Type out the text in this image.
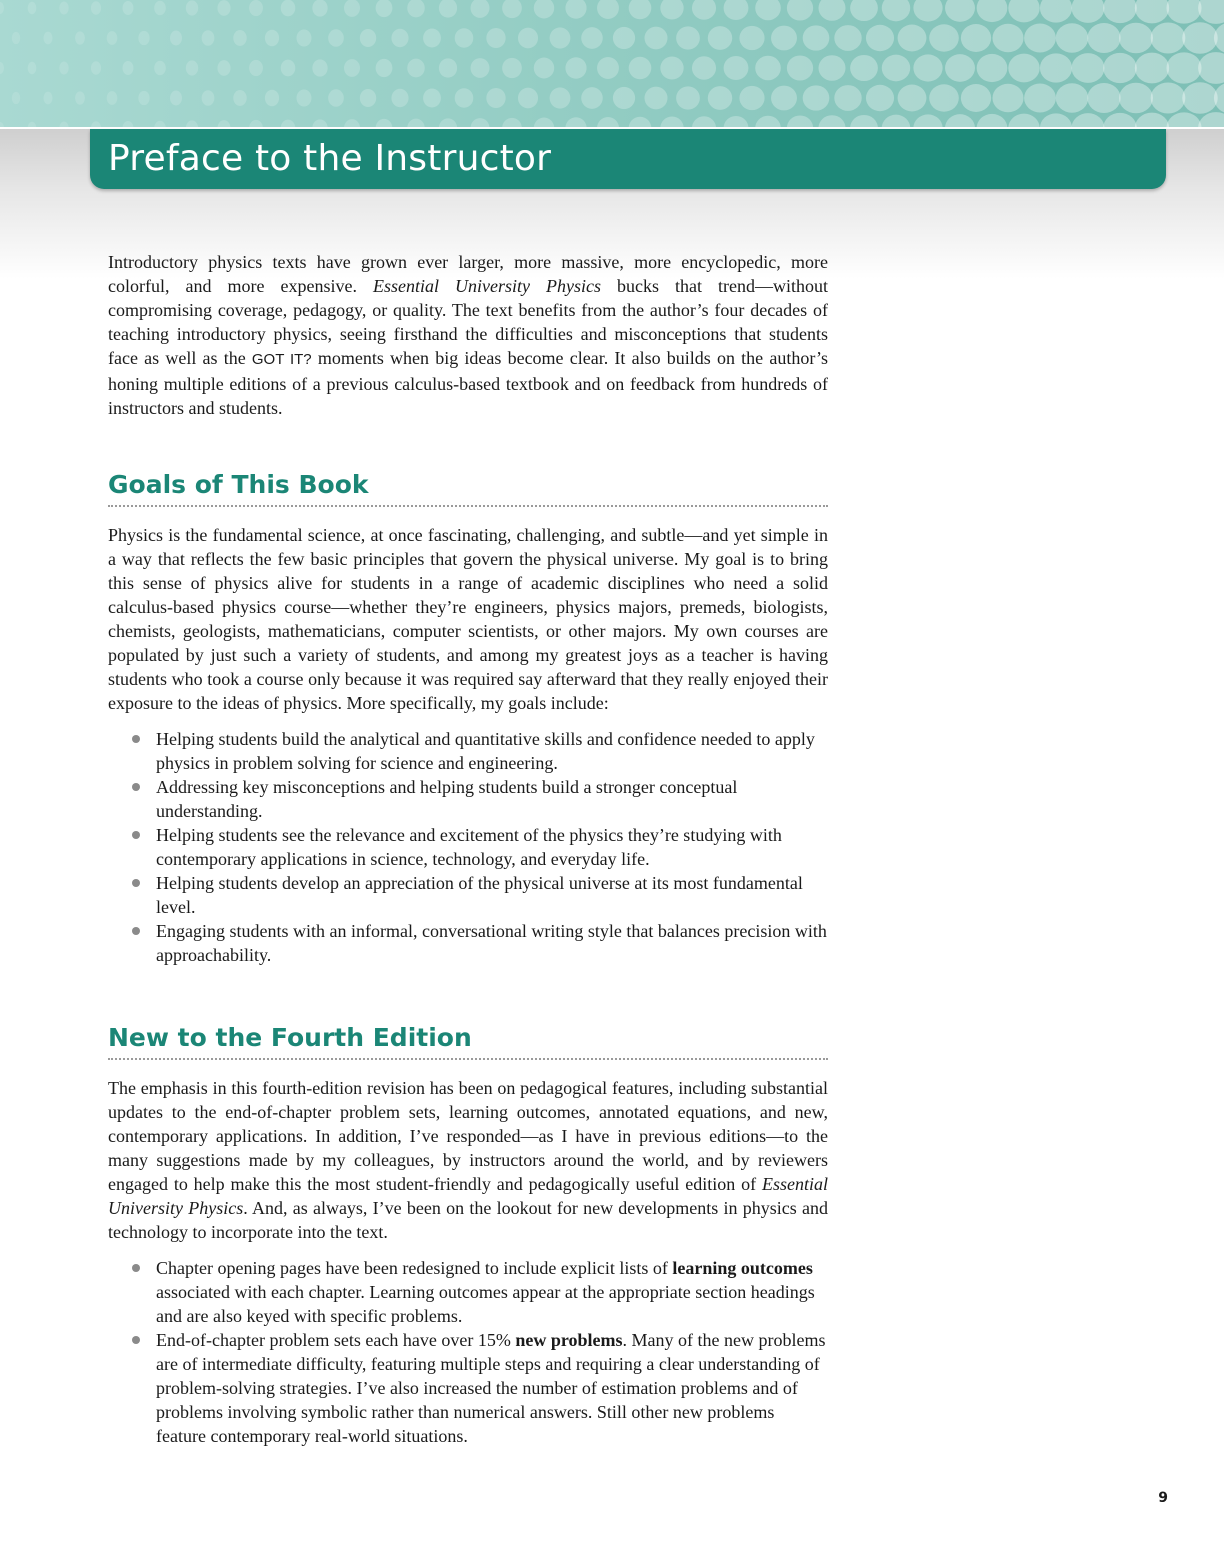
Preface to the Instructor

Introductory physics texts have grown ever larger, more massive, more encyclopedic, more colorful, and more expensive. Essential University Physics bucks that trend—without compromising coverage, pedagogy, or quality. The text benefits from the author’s four decades of teaching introductory physics, seeing firsthand the difficulties and misconceptions that students face as well as the GOT IT? moments when big ideas become clear. It also builds on the author’s honing multiple editions of a previous calculus-based textbook and on feedback from hundreds of instructors and students.

Goals of This Book

Physics is the fundamental science, at once fascinating, challenging, and subtle—and yet simple in a way that reflects the few basic principles that govern the physical universe. My goal is to bring this sense of physics alive for students in a range of academic disciplines who need a solid calculus-based physics course—whether they’re engineers, physics majors, premeds, biologists, chemists, geologists, mathematicians, computer scientists, or other majors. My own courses are populated by just such a variety of students, and among my greatest joys as a teacher is having students who took a course only because it was required say afterward that they really enjoyed their exposure to the ideas of physics. More specifically, my goals include:

Helping students build the analytical and quantitative skills and confidence needed to apply physics in problem solving for science and engineering.
Addressing key misconceptions and helping students build a stronger conceptual understanding.
Helping students see the relevance and excitement of the physics they’re studying with contemporary applications in science, technology, and everyday life.
Helping students develop an appreciation of the physical universe at its most fundamental level.
Engaging students with an informal, conversational writing style that balances precision with approachability.
New to the Fourth Edition

The emphasis in this fourth-edition revision has been on pedagogical features, including substantial updates to the end-of-chapter problem sets, learning outcomes, annotated equations, and new, contemporary applications. In addition, I’ve responded—as I have in previous editions—to the many suggestions made by my colleagues, by instructors around the world, and by reviewers engaged to help make this the most student-friendly and pedagogically useful edition of Essential University Physics. And, as always, I’ve been on the lookout for new developments in physics and technology to incorporate into the text.

Chapter opening pages have been redesigned to include explicit lists of learning outcomes associated with each chapter. Learning outcomes appear at the appropriate section headings and are also keyed with specific problems.
End-of-chapter problem sets each have over 15% new problems. Many of the new problems are of intermediate difficulty, featuring multiple steps and requiring a clear understanding of problem-solving strategies. I’ve also increased the number of estimation problems and of problems involving symbolic rather than numerical answers. Still other new problems feature contemporary real-world situations.
9
